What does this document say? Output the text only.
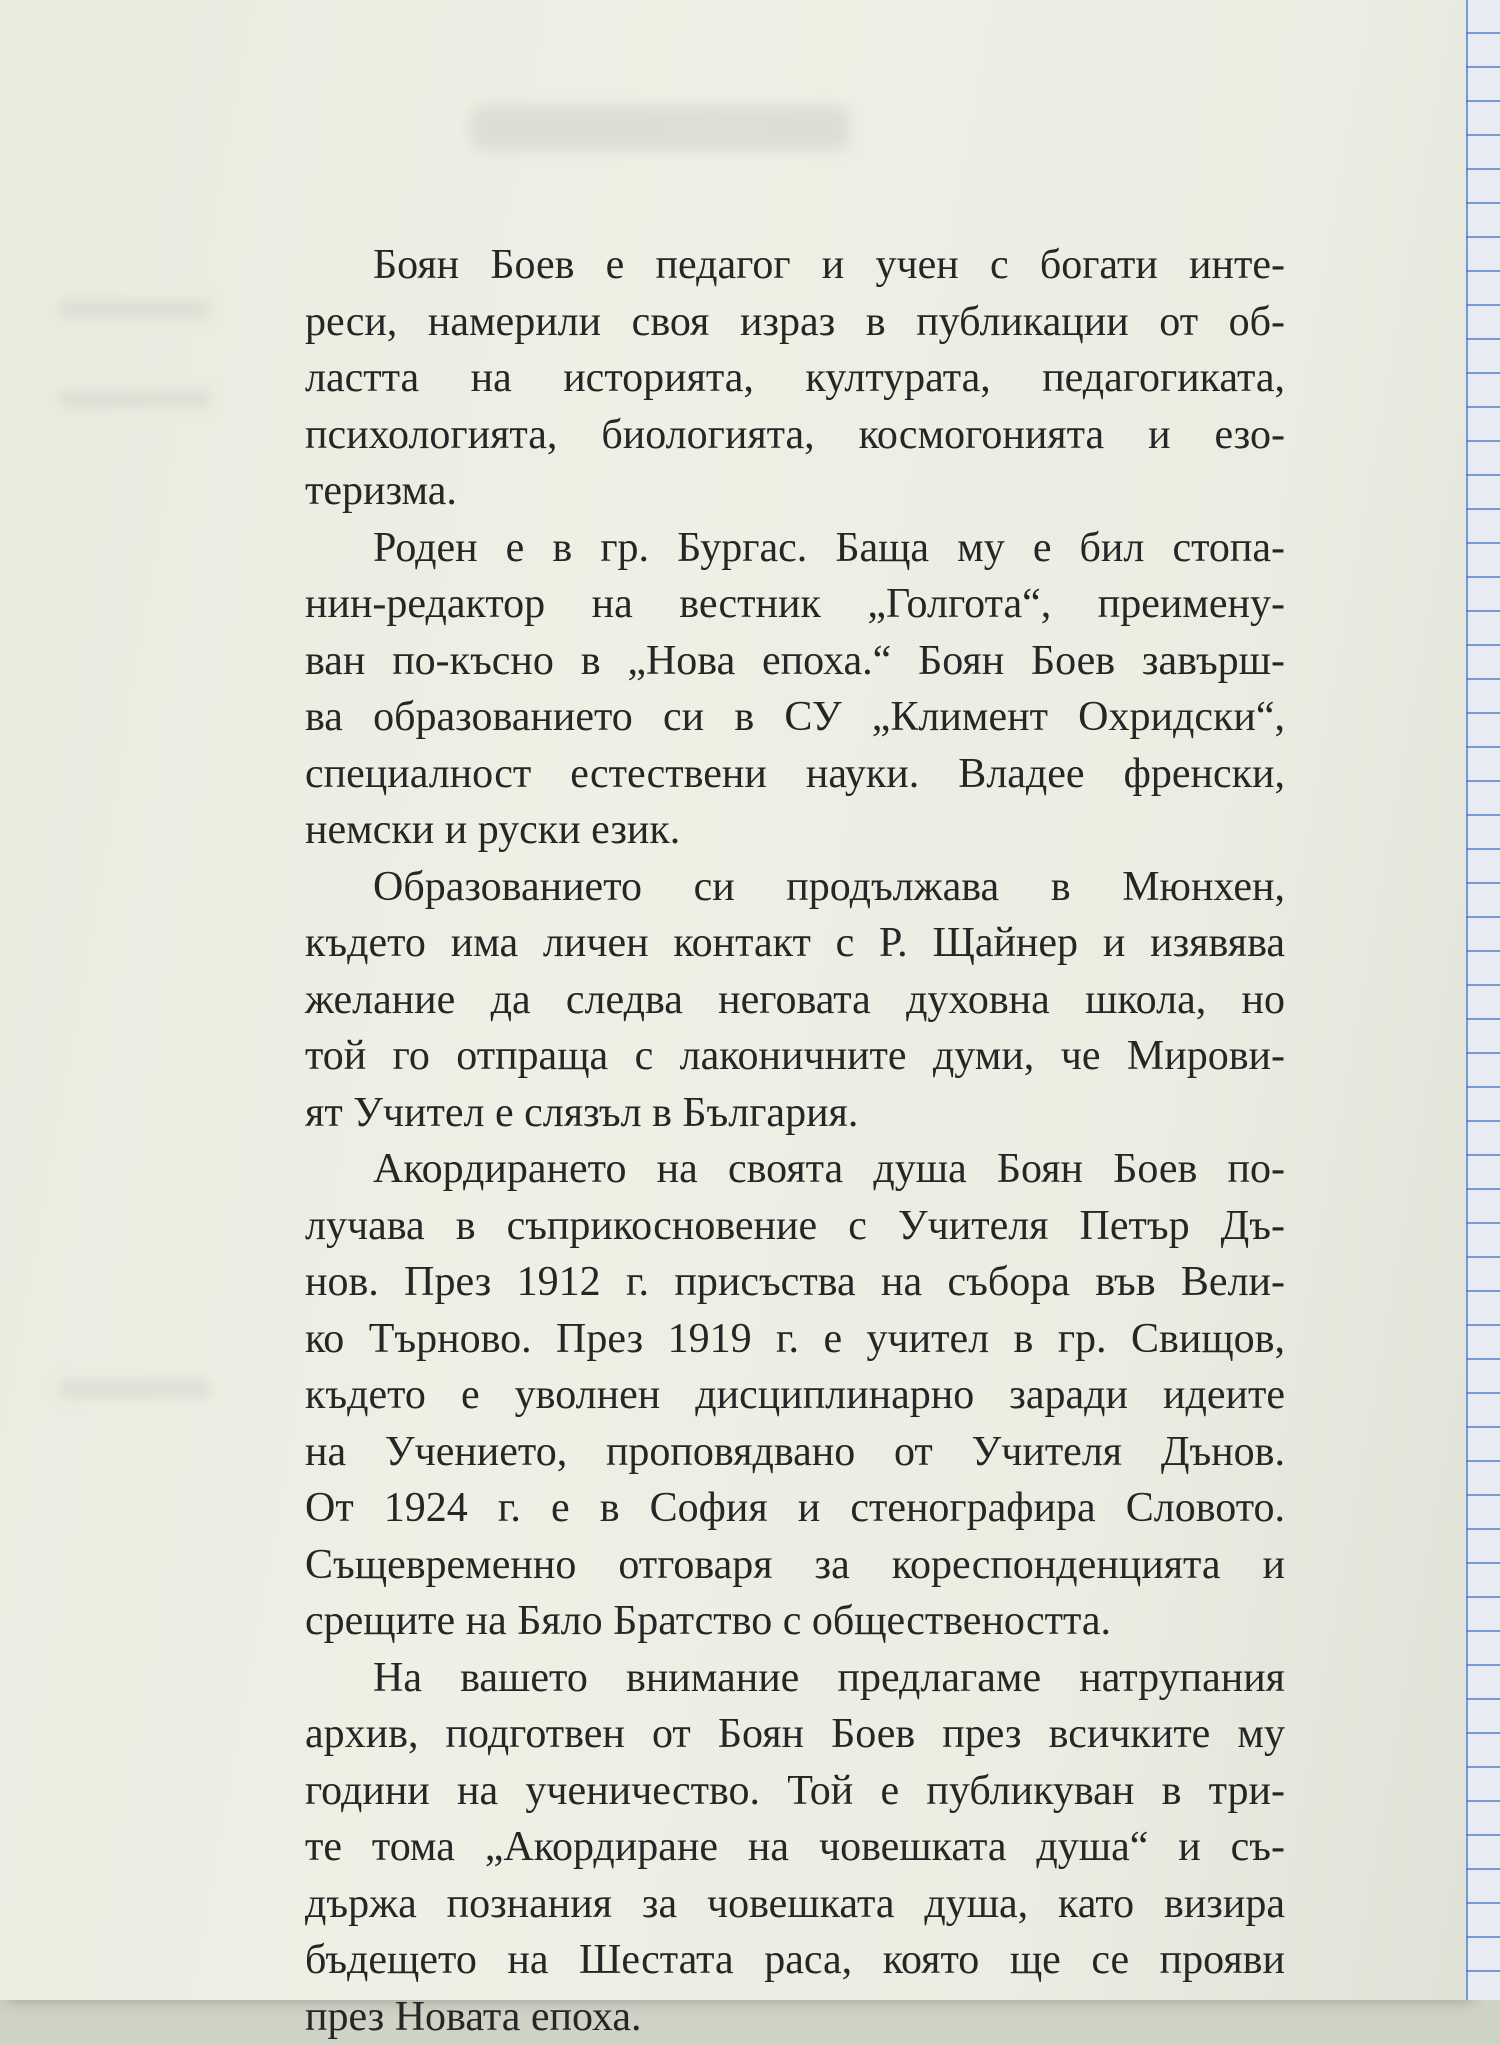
Боян Боев е педагог и учен с богати инте-
реси, намерили своя израз в публикации от об-
ластта на историята, културата, педагогиката,
психологията, биологията, космогонията и езо-
теризма.

Роден е в гр. Бургас. Баща му е бил стопа-
нин-редактор на вестник „Голгота“, преимену-
ван по-късно в „Нова епоха.“ Боян Боев завърш-
ва образованието си в СУ „Климент Охридски“,
специалност естествени науки. Владее френски,
немски и руски език.

Образованието си продължава в Мюнхен,
където има личен контакт с Р. Щайнер и изявява
желание да следва неговата духовна школа, но
той го отпраща с лаконичните думи, че Мирови-
ят Учител е слязъл в България.

Акордирането на своята душа Боян Боев по-
лучава в съприкосновение с Учителя Петър Дъ-
нов. През 1912 г. присъства на събора във Вели-
ко Търново. През 1919 г. е учител в гр. Свищов,
където е уволнен дисциплинарно заради идеите
на Учението, проповядвано от Учителя Дънов.
От 1924 г. е в София и стенографира Словото.
Същевременно отговаря за кореспонденцията и
срещите на Бяло Братство с обществеността.

На вашето внимание предлагаме натрупания
архив, подготвен от Боян Боев през всичките му
години на ученичество. Той е публикуван в три-
те тома „Акордиране на човешката душа“ и съ-
държа познания за човешката душа, като визира
бъдещето на Шестата раса, която ще се прояви
през Новата епоха.
